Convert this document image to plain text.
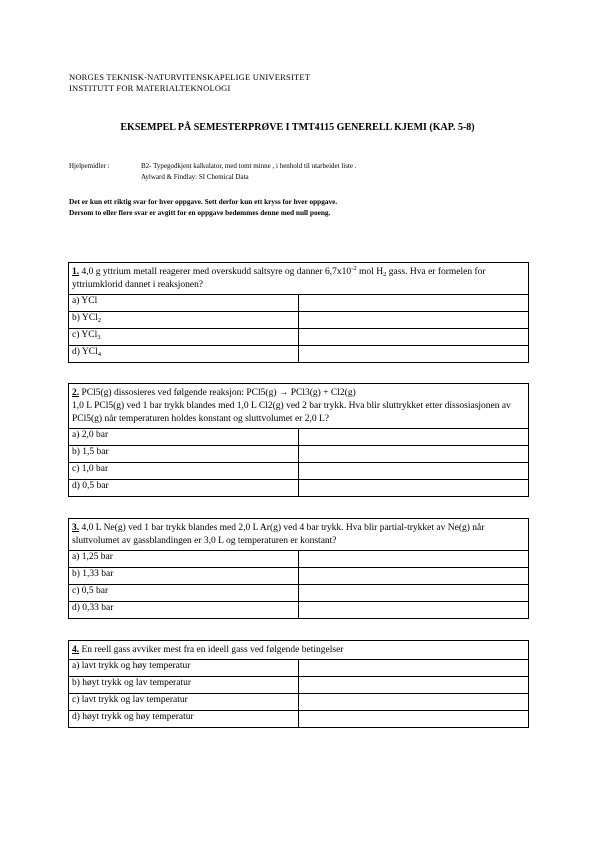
NORGES TEKNISK-NATURVITENSKAPELIGE UNIVERSITET
INSTITUTT FOR MATERIALTEKNOLOGI
EKSEMPEL PÅ SEMESTERPRØVE I TMT4115 GENERELL KJEMI (KAP. 5-8)
Hjelpemidler :	B2- Typegodkjent kalkulator, med tomt minne , i henhold til utarbeidet liste .
Aylward & Findlay: SI Chemical Data
Det er kun ett riktig svar for hver oppgave. Sett derfor kun ett kryss for hver oppgave.
Dersom to eller flere svar er avgitt for en oppgave bedømmes denne med null poeng.
1. 4,0 g yttrium metall reagerer med overskudd saltsyre og danner $6,7x10^{-2}$ mol $H_2$ gass. Hva er formelen for yttriumklorid dannet i reaksjonen?	
a) YCl	
b) YCl$_2$	
c) YCl$_3$	
d) YCl$_4$	
2. PCl5(g) dissosieres ved følgende reaksjon: PCl5(g) → PCl3(g) + Cl2(g)
1,0 L PCl5(g) ved 1 bar trykk blandes med 1,0 L Cl2(g) ved 2 bar trykk. Hva blir sluttrykket etter dissosiasjonen av PCl5(g) når temperaturen holdes konstant og sluttvolumet er 2,0 L?	
a) 2,0 bar	
b) 1,5 bar	
c) 1,0 bar	
d) 0,5 bar	
3. 4,0 L Ne(g) ved 1 bar trykk blandes med 2,0 L Ar(g) ved 4 bar trykk. Hva blir partial-trykket av Ne(g) når sluttvolumet av gassblandingen er 3,0 L og temperaturen er konstant?	
a) 1,25 bar	
b) 1,33 bar	
c) 0,5 bar	
d) 0,33 bar	
4. En reell gass avviker mest fra en ideell gass ved følgende betingelser	
a) lavt trykk og høy temperatur	
b) høyt trykk og lav temperatur	
c) lavt trykk og lav temperatur	
d) høyt trykk og høy temperatur	
